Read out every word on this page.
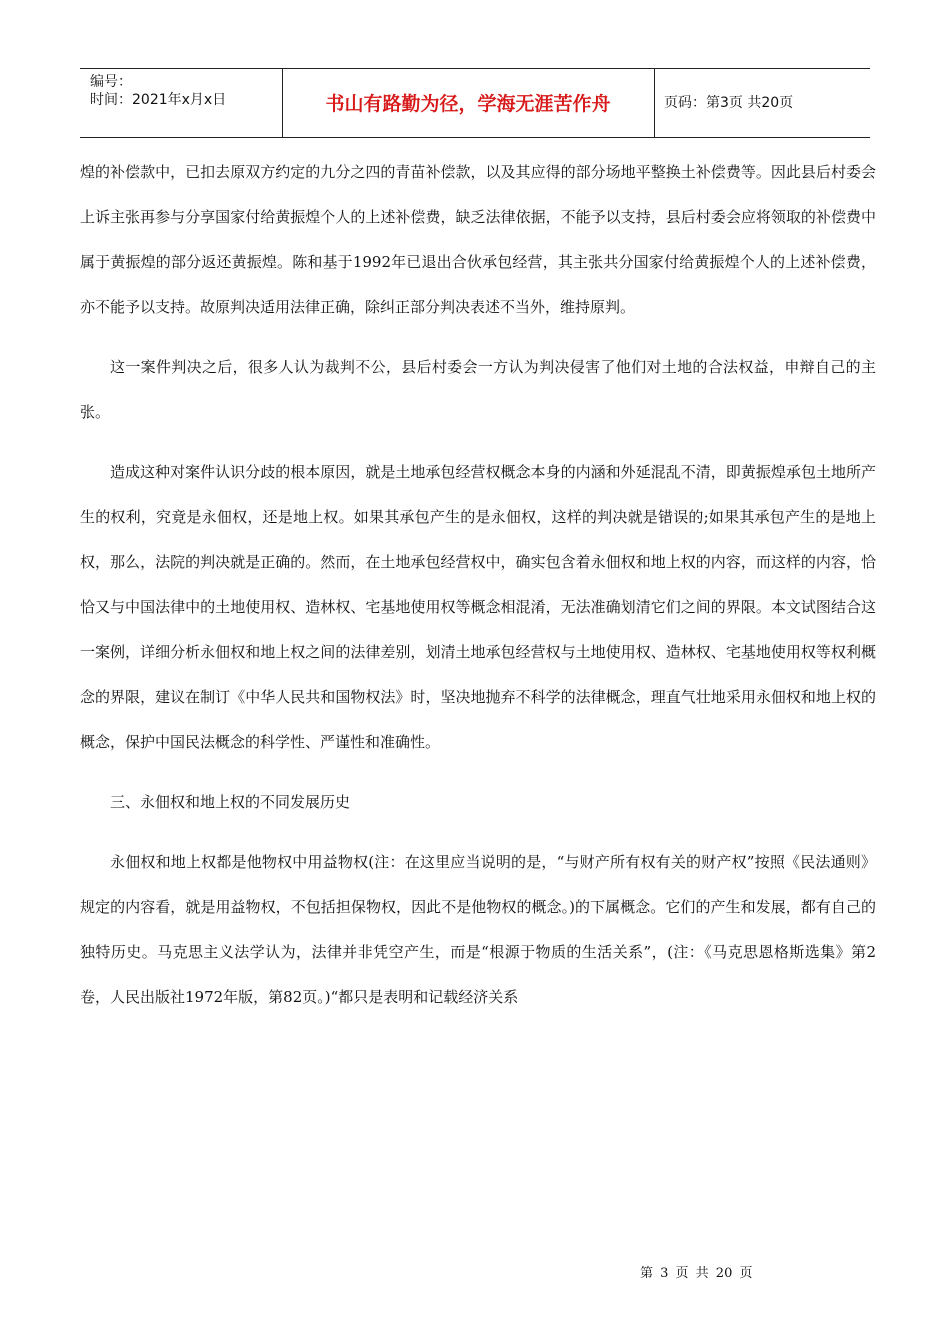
编号：
时间：2021年x月x日	书山有路勤为径，学海无涯苦作舟	页码：第3页 共20页

煌的补偿款中，已扣去原双方约定的九分之四的青苗补偿款，以及其应得的部分场地平整换土补偿费等。因此县后村委会上诉主张再参与分享国家付给黄振煌个人的上述补偿费，缺乏法律依据，不能予以支持，县后村委会应将领取的补偿费中属于黄振煌的部分返还黄振煌。陈和基于1992年已退出合伙承包经营，其主张共分国家付给黄振煌个人的上述补偿费，亦不能予以支持。故原判决适用法律正确，除纠正部分判决表述不当外，维持原判。

这一案件判决之后，很多人认为裁判不公，县后村委会一方认为判决侵害了他们对土地的合法权益，申辩自己的主张。

造成这种对案件认识分歧的根本原因，就是土地承包经营权概念本身的内涵和外延混乱不清，即黄振煌承包土地所产生的权利，究竟是永佃权，还是地上权。如果其承包产生的是永佃权，这样的判决就是错误的;如果其承包产生的是地上权，那么，法院的判决就是正确的。然而，在土地承包经营权中，确实包含着永佃权和地上权的内容，而这样的内容，恰恰又与中国法律中的土地使用权、造林权、宅基地使用权等概念相混淆，无法准确划清它们之间的界限。本文试图结合这一案例，详细分析永佃权和地上权之间的法律差别，划清土地承包经营权与土地使用权、造林权、宅基地使用权等权利概念的界限，建议在制订《中华人民共和国物权法》时，坚决地抛弃不科学的法律概念，理直气壮地采用永佃权和地上权的概念，保护中国民法概念的科学性、严谨性和准确性。

三、永佃权和地上权的不同发展历史

永佃权和地上权都是他物权中用益物权(注：在这里应当说明的是，“与财产所有权有关的财产权”按照《民法通则》规定的内容看，就是用益物权，不包括担保物权，因此不是他物权的概念。)的下属概念。它们的产生和发展，都有自己的独特历史。马克思主义法学认为，法律并非凭空产生，而是“根源于物质的生活关系”，(注：《马克思恩格斯选集》第2卷，人民出版社1972年版，第82页。)“都只是表明和记载经济关系

第 3 页 共 20 页
